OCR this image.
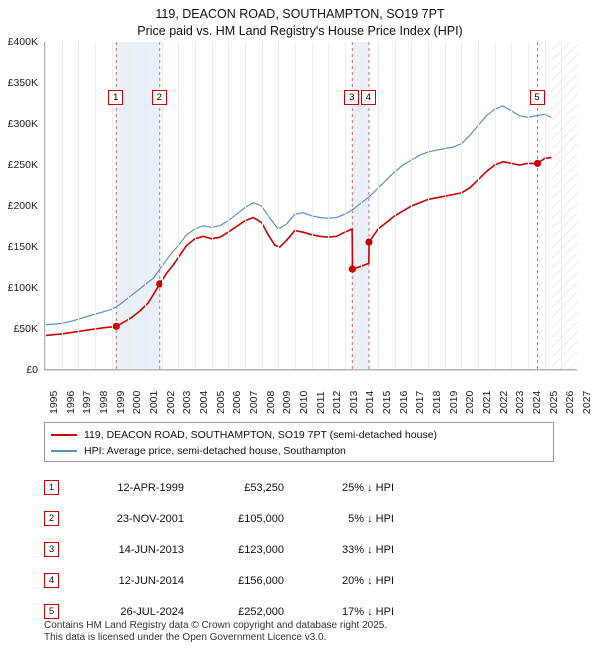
119, DEACON ROAD, SOUTHAMPTON, SO19 7PT
Price paid vs. HM Land Registry's House Price Index (HPI)
£0
£50K
£100K
£150K
£200K
£250K
£300K
£350K
£400K
1995 1996 1997 1998 1999 2000 2001 2002 2003 2004 2005 2006 2007 2008 2009 2010 2011 2012 2013 2014 2015 2016 2017 2018 2019 2020 2021 2022 2023 2024 2025 2026 2027
1	2	3	4	5
119, DEACON ROAD, SOUTHAMPTON, SO19 7PT (semi-detached house)
HPI: Average price, semi-detached house, Southampton
1	12-APR-1999	£53,250	25% ↓ HPI
2	23-NOV-2001	£105,000	5% ↓ HPI
3	14-JUN-2013	£123,000	33% ↓ HPI
4	12-JUN-2014	£156,000	20% ↓ HPI
5	26-JUL-2024	£252,000	17% ↓ HPI
Contains HM Land Registry data © Crown copyright and database right 2025.
This data is licensed under the Open Government Licence v3.0.
